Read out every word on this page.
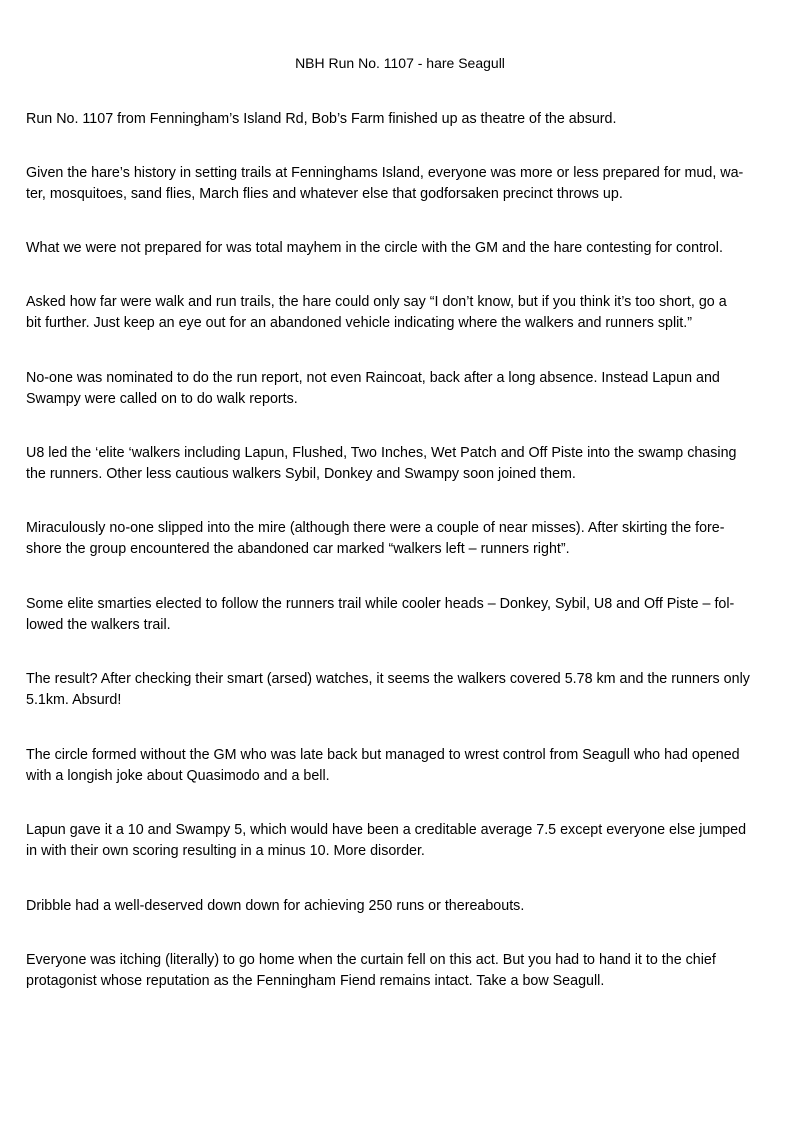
NBH Run No. 1107 - hare Seagull

Run No. 1107 from Fenningham’s Island Rd, Bob’s Farm finished up as theatre of the absurd.

Given the hare’s history in setting trails at Fenninghams Island, everyone was more or less prepared for mud, wa-
ter, mosquitoes, sand flies, March flies and whatever else that godforsaken precinct throws up.

What we were not prepared for was total mayhem in the circle with the GM and the hare contesting for control.

Asked how far were walk and run trails, the hare could only say “I don’t know, but if you think it’s too short, go a
bit further. Just keep an eye out for an abandoned vehicle indicating where the walkers and runners split.”

No-one was nominated to do the run report, not even Raincoat, back after a long absence. Instead Lapun and
Swampy were called on to do walk reports.

U8 led the ‘elite ‘walkers including Lapun, Flushed, Two Inches, Wet Patch and Off Piste into the swamp chasing
the runners. Other less cautious walkers Sybil, Donkey and Swampy soon joined them.

Miraculously no-one slipped into the mire (although there were a couple of near misses). After skirting the fore-
shore the group encountered the abandoned car marked “walkers left – runners right”.

Some elite smarties elected to follow the runners trail while cooler heads – Donkey, Sybil, U8 and Off Piste – fol-
lowed the walkers trail.

The result? After checking their smart (arsed) watches, it seems the walkers covered 5.78 km and the runners only
5.1km. Absurd!

The circle formed without the GM who was late back but managed to wrest control from Seagull who had opened
with a longish joke about Quasimodo and a bell.

Lapun gave it a 10 and Swampy 5, which would have been a creditable average 7.5 except everyone else jumped
in with their own scoring resulting in a minus 10. More disorder.

Dribble had a well-deserved down down for achieving 250 runs or thereabouts.

Everyone was itching (literally) to go home when the curtain fell on this act. But you had to hand it to the chief
protagonist whose reputation as the Fenningham Fiend remains intact. Take a bow Seagull.
